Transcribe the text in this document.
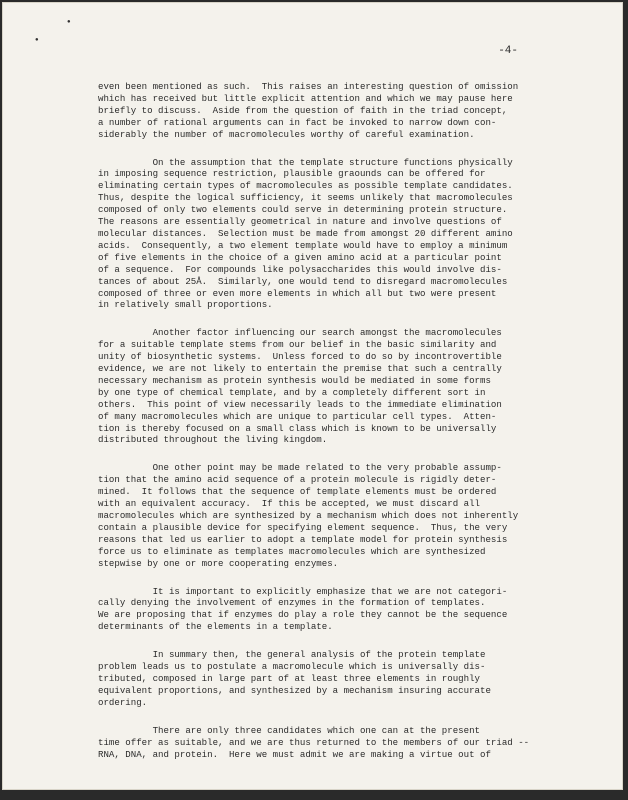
●
●
-4-

even been mentioned as such.  This raises an interesting question of omission
which has received but little explicit attention and which we may pause here
briefly to discuss.  Aside from the question of faith in the triad concept,
a number of rational arguments can in fact be invoked to narrow down con-
siderably the number of macromolecules worthy of careful examination.

On the assumption that the template structure functions physically
in imposing sequence restriction, plausible graounds can be offered for
eliminating certain types of macromolecules as possible template candidates.
Thus, despite the logical sufficiency, it seems unlikely that macromolecules
composed of only two elements could serve in determining protein structure.
The reasons are essentially geometrical in nature and involve questions of
molecular distances.  Selection must be made from amongst 20 different amino
acids.  Consequently, a two element template would have to employ a minimum
of five elements in the choice of a given amino acid at a particular point
of a sequence.  For compounds like polysaccharides this would involve dis-
tances of about 25Å.  Similarly, one would tend to disregard macromolecules
composed of three or even more elements in which all but two were present
in relatively small proportions.

Another factor influencing our search amongst the macromolecules
for a suitable template stems from our belief in the basic similarity and
unity of biosynthetic systems.  Unless forced to do so by incontrovertible
evidence, we are not likely to entertain the premise that such a centrally
necessary mechanism as protein synthesis would be mediated in some forms
by one type of chemical template, and by a completely different sort in
others.  This point of view necessarily leads to the immediate elimination
of many macromolecules which are unique to particular cell types.  Atten-
tion is thereby focused on a small class which is known to be universally
distributed throughout the living kingdom.

One other point may be made related to the very probable assump-
tion that the amino acid sequence of a protein molecule is rigidly deter-
mined.  It follows that the sequence of template elements must be ordered
with an equivalent accuracy.  If this be accepted, we must discard all
macromolecules which are synthesized by a mechanism which does not inherently
contain a plausible device for specifying element sequence.  Thus, the very
reasons that led us earlier to adopt a template model for protein synthesis
force us to eliminate as templates macromolecules which are synthesized
stepwise by one or more cooperating enzymes.

It is important to explicitly emphasize that we are not categori-
cally denying the involvement of enzymes in the formation of templates.
We are proposing that if enzymes do play a role they cannot be the sequence
determinants of the elements in a template.

In summary then, the general analysis of the protein template
problem leads us to postulate a macromolecule which is universally dis-
tributed, composed in large part of at least three elements in roughly
equivalent proportions, and synthesized by a mechanism insuring accurate
ordering.

There are only three candidates which one can at the present
time offer as suitable, and we are thus returned to the members of our triad --
RNA, DNA, and protein.  Here we must admit we are making a virtue out of
